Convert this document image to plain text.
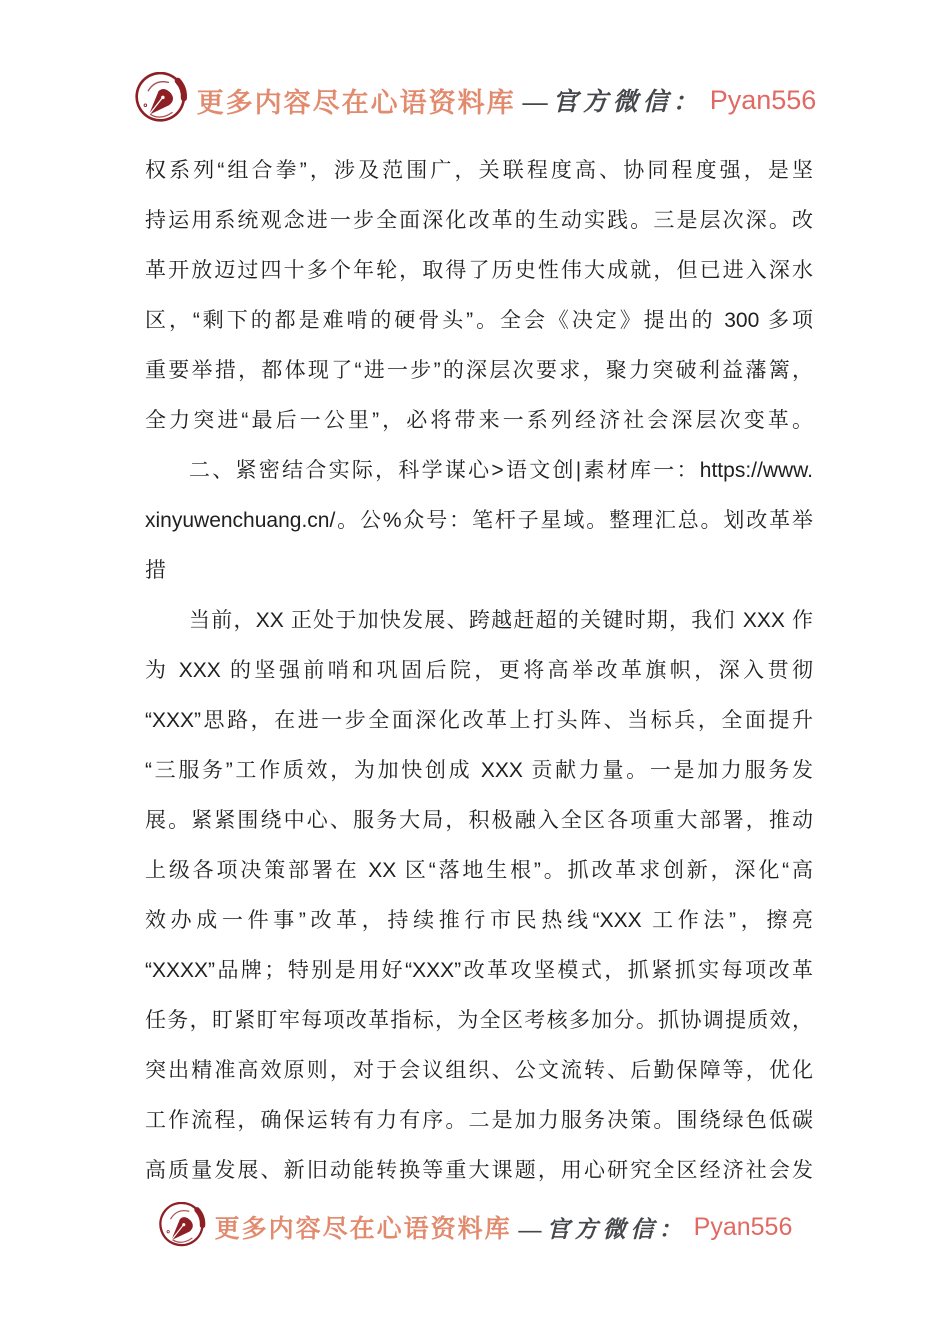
更多内容尽在心语资料库 —官方微信： Pyan556
权系列“组合拳”，涉及范围广，关联程度高、协同程度强，是坚
持运用系统观念进一步全面深化改革的生动实践。三是层次深。改
革开放迈过四十多个年轮，取得了历史性伟大成就，但已进入深水
区，“剩下的都是难啃的硬骨头”。全会《决定》提出的 300 多项
重要举措，都体现了“进一步”的深层次要求，聚力突破利益藩篱，
全力突进“最后一公里”，必将带来一系列经济社会深层次变革。
二、紧密结合实际，科学谋心>语文创|素材库一：https://www.
xinyuwenchuang.cn/。公%众号：笔杆子星域。整理汇总。划改革举
措
当前，XX 正处于加快发展、跨越赶超的关键时期，我们 XXX 作
为 XXX 的坚强前哨和巩固后院，更将高举改革旗帜，深入贯彻
“XXX”思路，在进一步全面深化改革上打头阵、当标兵，全面提升
“三服务”工作质效，为加快创成 XXX 贡献力量。一是加力服务发
展。紧紧围绕中心、服务大局，积极融入全区各项重大部署，推动
上级各项决策部署在 XX 区“落地生根”。抓改革求创新，深化“高
效办成一件事”改革，持续推行市民热线“XXX 工作法”，擦亮
“XXXX”品牌；特别是用好“XXX”改革攻坚模式，抓紧抓实每项改革
任务，盯紧盯牢每项改革指标，为全区考核多加分。抓协调提质效，
突出精准高效原则，对于会议组织、公文流转、后勤保障等，优化
工作流程，确保运转有力有序。二是加力服务决策。围绕绿色低碳
高质量发展、新旧动能转换等重大课题，用心研究全区经济社会发
更多内容尽在心语资料库 —官方微信： Pyan556
